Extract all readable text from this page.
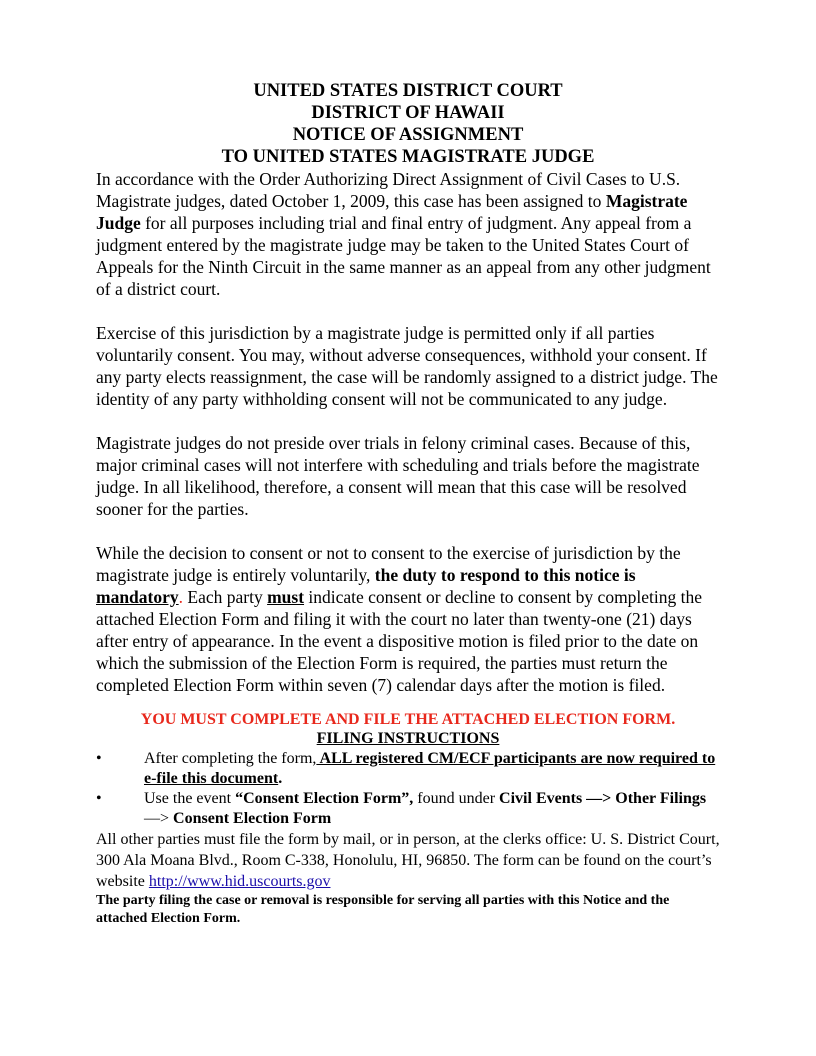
UNITED STATES DISTRICT COURT

DISTRICT OF HAWAII

NOTICE OF ASSIGNMENT

TO UNITED STATES MAGISTRATE JUDGE

In accordance with the Order Authorizing Direct Assignment of Civil Cases to U.S. Magistrate judges, dated October 1, 2009, this case has been assigned to Magistrate Judge for all purposes including trial and final entry of judgment. Any appeal from a judgment entered by the magistrate judge may be taken to the United States Court of Appeals for the Ninth Circuit in the same manner as an appeal from any other judgment of a district court.

Exercise of this jurisdiction by a magistrate judge is permitted only if all parties voluntarily consent. You may, without adverse consequences, withhold your consent. If any party elects reassignment, the case will be randomly assigned to a district judge. The identity of any party withholding consent will not be communicated to any judge.

Magistrate judges do not preside over trials in felony criminal cases. Because of this, major criminal cases will not interfere with scheduling and trials before the magistrate judge. In all likelihood, therefore, a consent will mean that this case will be resolved sooner for the parties.

While the decision to consent or not to consent to the exercise of jurisdiction by the magistrate judge is entirely voluntarily, the duty to respond to this notice is mandatory. Each party must indicate consent or decline to consent by completing the attached Election Form and filing it with the court no later than twenty-one (21) days after entry of appearance. In the event a dispositive motion is filed prior to the date on which the submission of the Election Form is required, the parties must return the completed Election Form within seven (7) calendar days after the motion is filed.

YOU MUST COMPLETE AND FILE THE ATTACHED ELECTION FORM.

FILING INSTRUCTIONS

•	After completing the form, ALL registered CM/ECF participants are now required to e-file this document.
•	Use the event “Consent Election Form”, found under Civil Events —> Other Filings —> Consent Election Form

All other parties must file the form by mail, or in person, at the clerks office: U. S. District Court, 300 Ala Moana Blvd., Room C-338, Honolulu, HI, 96850. The form can be found on the court’s website http://www.hid.uscourts.gov

The party filing the case or removal is responsible for serving all parties with this Notice and the attached Election Form.
